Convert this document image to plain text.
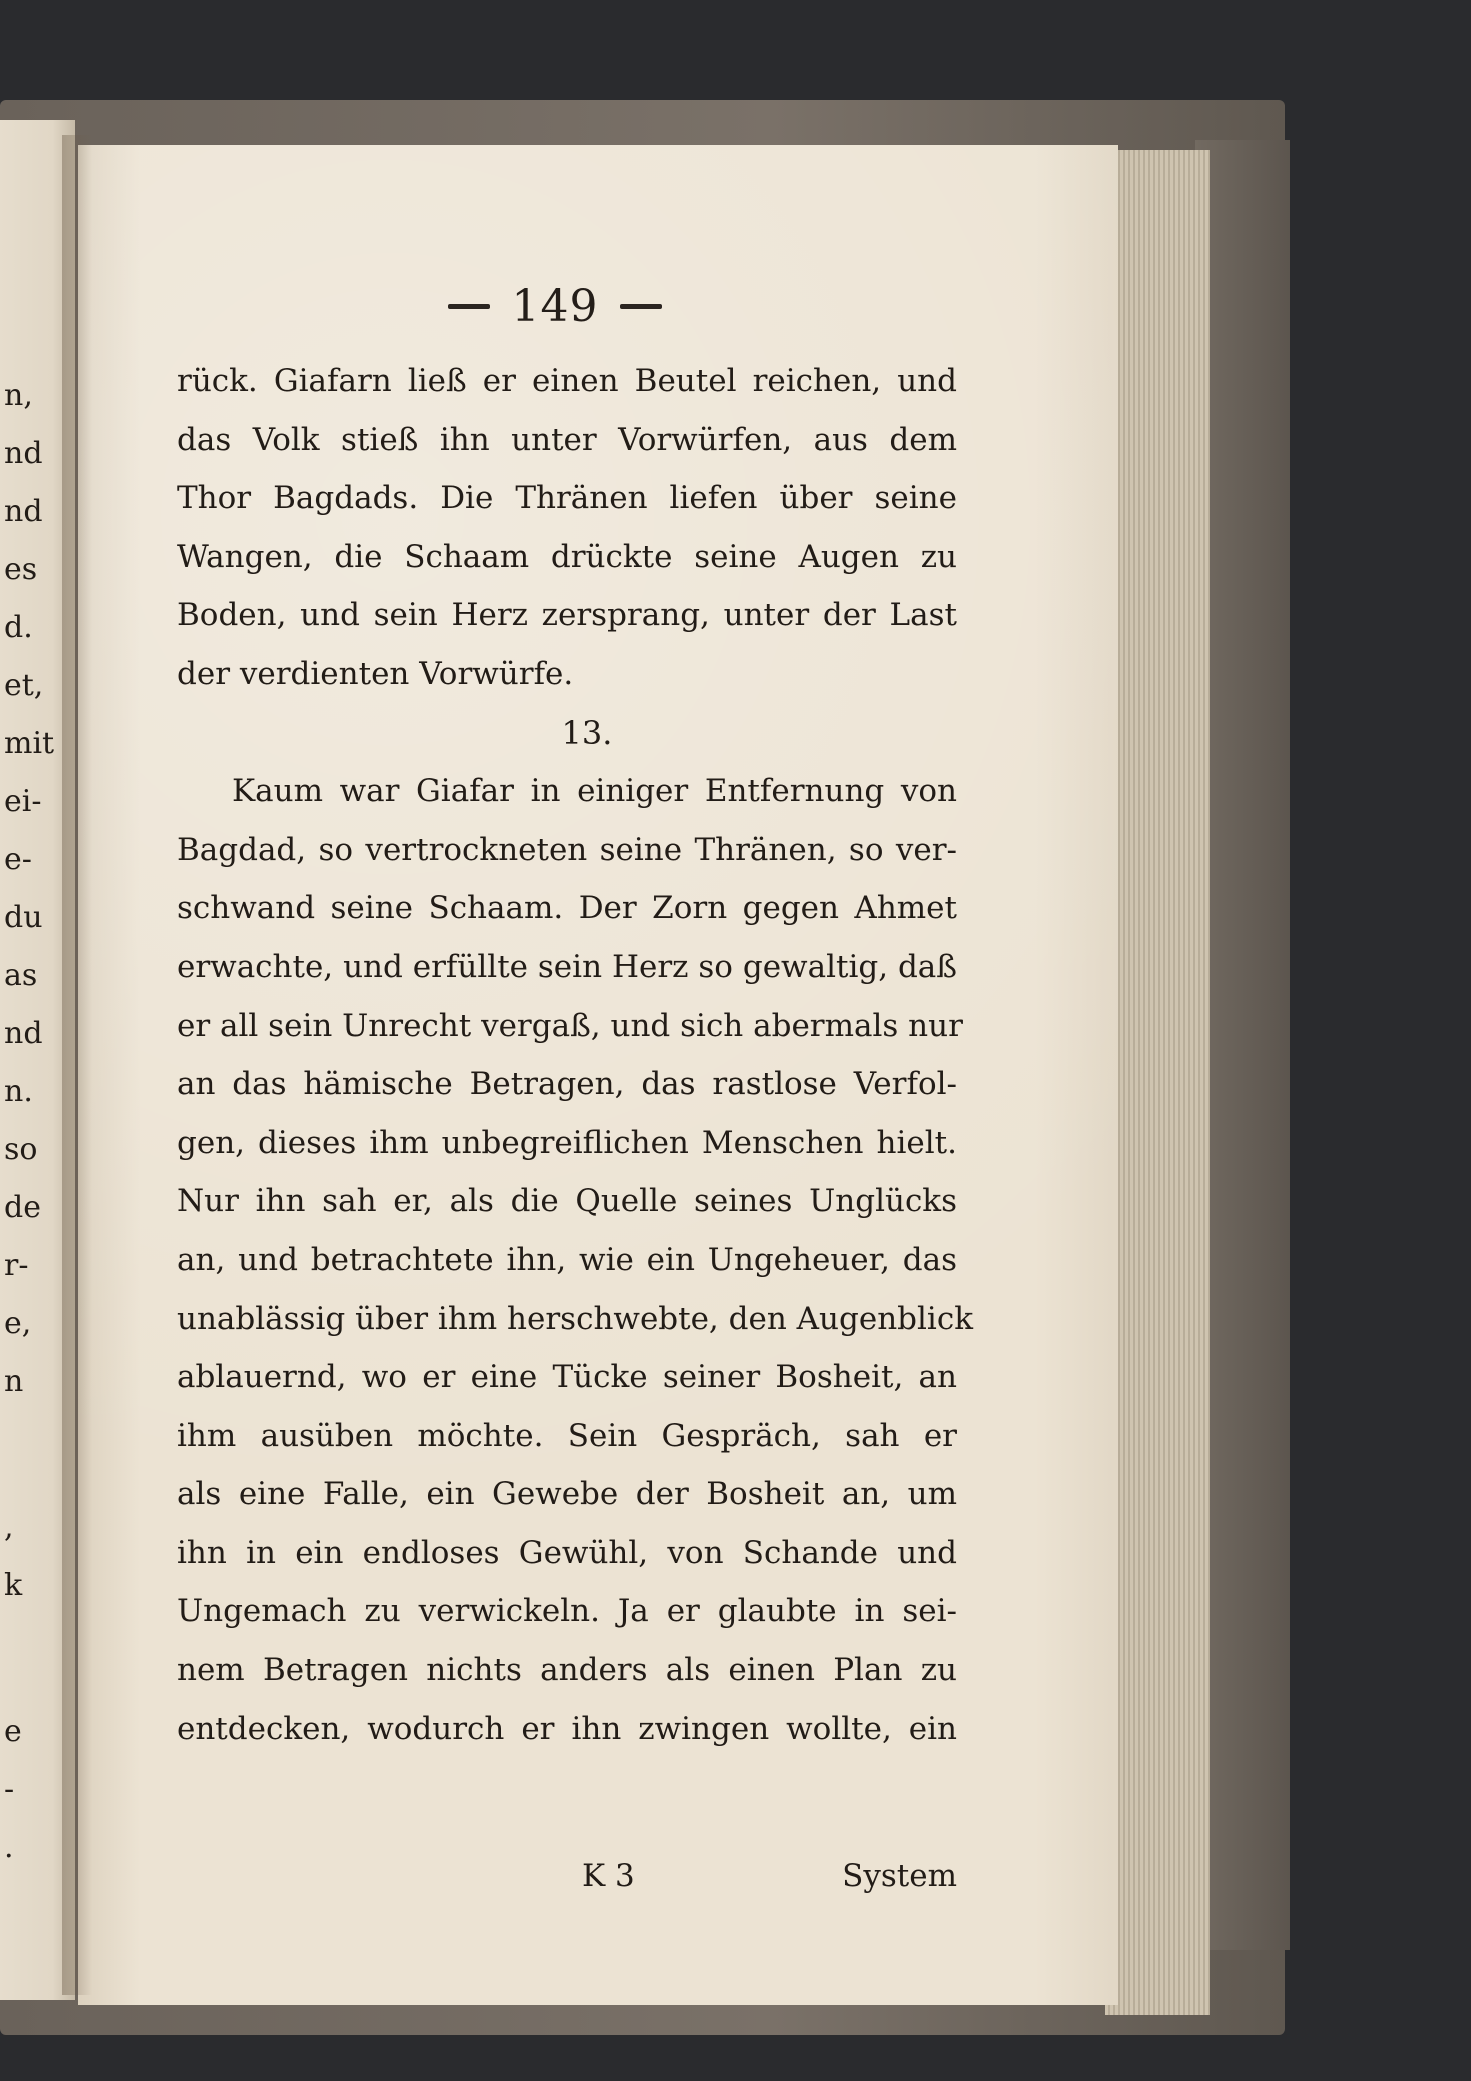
n,
nd
nd
es
d.
et,
mit
ei-
e-
du
as
nd
n.
so
de
r-
e,
n
,
k
e
-
.
149
rück. Giafarn ließ er einen Beutel reichen, und
das Volk stieß ihn unter Vorwürfen, aus dem
Thor Bagdads. Die Thränen liefen über seine
Wangen, die Schaam drückte seine Augen zu
Boden, und sein Herz zersprang, unter der Last
der verdienten Vorwürfe.
13.
Kaum war Giafar in einiger Entfernung von
Bagdad, so vertrockneten seine Thränen, so ver-
schwand seine Schaam. Der Zorn gegen Ahmet
erwachte, und erfüllte sein Herz so gewaltig, daß
er all sein Unrecht vergaß, und sich abermals nur
an das hämische Betragen, das rastlose Verfol-
gen, dieses ihm unbegreiflichen Menschen hielt.
Nur ihn sah er, als die Quelle seines Unglücks
an, und betrachtete ihn, wie ein Ungeheuer, das
unablässig über ihm herschwebte, den Augenblick
ablauernd, wo er eine Tücke seiner Bosheit, an
ihm ausüben möchte. Sein Gespräch, sah er
als eine Falle, ein Gewebe der Bosheit an, um
ihn in ein endloses Gewühl, von Schande und
Ungemach zu verwickeln. Ja er glaubte in sei-
nem Betragen nichts anders als einen Plan zu
entdecken, wodurch er ihn zwingen wollte, ein
K 3	System
